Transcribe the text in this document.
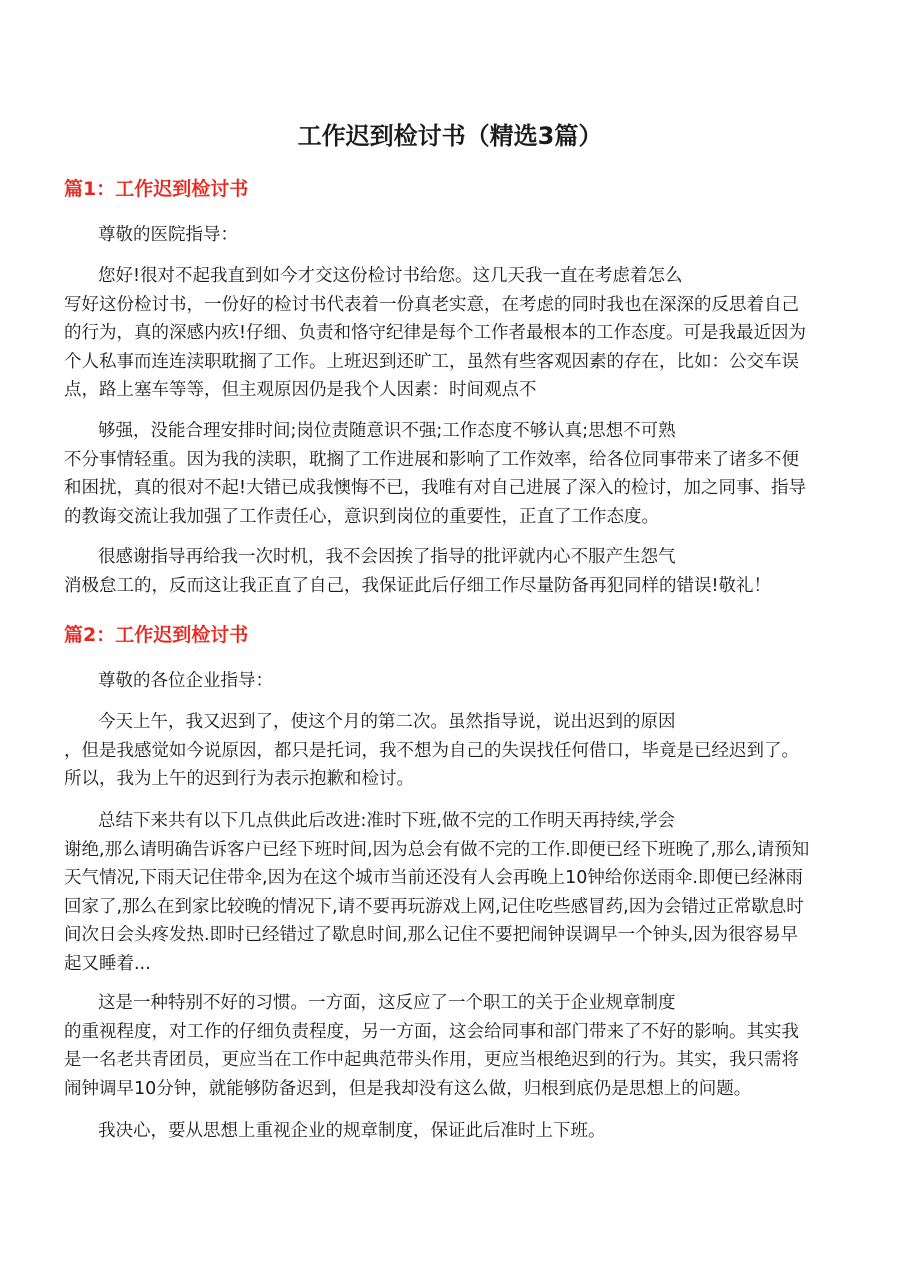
工作迟到检讨书（精选3篇）
篇1：工作迟到检讨书
尊敬的医院指导：
您好!很对不起我直到如今才交这份检讨书给您。这几天我一直在考虑着怎么
写好这份检讨书，一份好的检讨书代表着一份真老实意，在考虑的同时我也在深深的反思着自己
的行为，真的深感内疚!仔细、负责和恪守纪律是每个工作者最根本的工作态度。可是我最近因为
个人私事而连连渎职耽搁了工作。上班迟到还旷工，虽然有些客观因素的存在，比如：公交车误
点，路上塞车等等，但主观原因仍是我个人因素：时间观点不
够强，没能合理安排时间;岗位责随意识不强;工作态度不够认真;思想不可熟
不分事情轻重。因为我的渎职，耽搁了工作进展和影响了工作效率，给各位同事带来了诸多不便
和困扰，真的很对不起!大错已成我懊悔不已，我唯有对自己进展了深入的检讨，加之同事、指导
的教诲交流让我加强了工作责任心，意识到岗位的重要性，正直了工作态度。
很感谢指导再给我一次时机，我不会因挨了指导的批评就内心不服产生怨气
消极怠工的，反而这让我正直了自己，我保证此后仔细工作尽量防备再犯同样的错误!敬礼！
篇2：工作迟到检讨书
尊敬的各位企业指导：
今天上午，我又迟到了，使这个月的第二次。虽然指导说，说出迟到的原因
，但是我感觉如今说原因，都只是托词，我不想为自己的失误找任何借口，毕竟是已经迟到了。
所以，我为上午的迟到行为表示抱歉和检讨。
总结下来共有以下几点供此后改进:准时下班,做不完的工作明天再持续,学会
谢绝,那么请明确告诉客户已经下班时间,因为总会有做不完的工作.即便已经下班晚了,那么,请预知
天气情况,下雨天记住带伞,因为在这个城市当前还没有人会再晚上10钟给你送雨伞.即便已经淋雨
回家了,那么在到家比较晚的情况下,请不要再玩游戏上网,记住吃些感冒药,因为会错过正常歇息时
间次日会头疼发热.即时已经错过了歇息时间,那么记住不要把闹钟误调早一个钟头,因为很容易早
起又睡着...
这是一种特别不好的习惯。一方面，这反应了一个职工的关于企业规章制度
的重视程度，对工作的仔细负责程度，另一方面，这会给同事和部门带来了不好的影响。其实我
是一名老共青团员，更应当在工作中起典范带头作用，更应当根绝迟到的行为。其实，我只需将
闹钟调早10分钟，就能够防备迟到，但是我却没有这么做，归根到底仍是思想上的问题。
我决心，要从思想上重视企业的规章制度，保证此后准时上下班。
